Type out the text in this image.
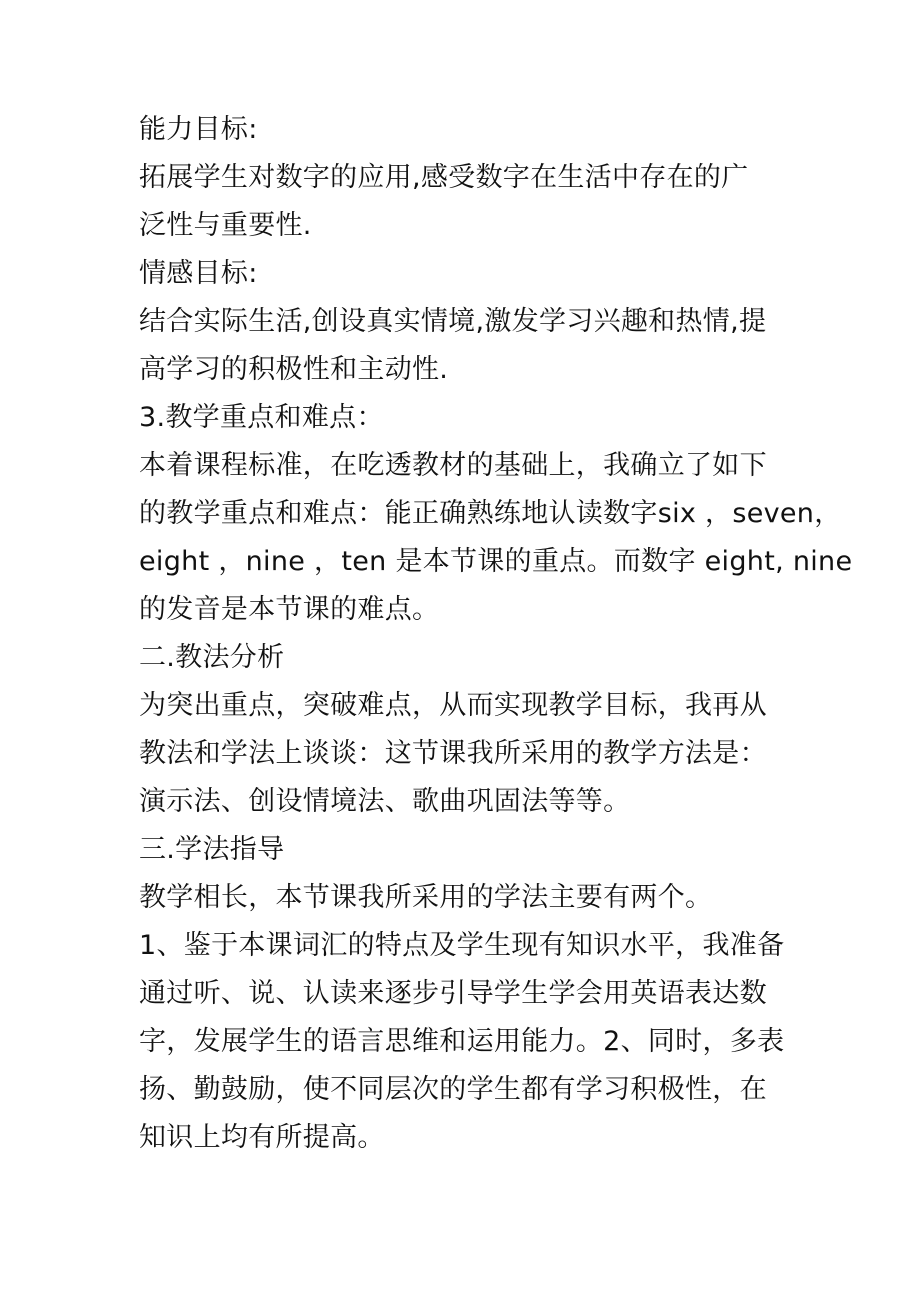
能力目标:
拓展学生对数字的应用,感受数字在生活中存在的广
泛性与重要性.
情感目标:
结合实际生活,创设真实情境,激发学习兴趣和热情,提
高学习的积极性和主动性.
3.教学重点和难点：
本着课程标准，在吃透教材的基础上，我确立了如下
的教学重点和难点：能正确熟练地认读数字six ，seven，
eight ，nine ，ten 是本节课的重点。而数字 eight, nine
的发音是本节课的难点。
二.教法分析
为突出重点，突破难点，从而实现教学目标，我再从
教法和学法上谈谈：这节课我所采用的教学方法是：
演示法、创设情境法、歌曲巩固法等等。
三.学法指导
教学相长，本节课我所采用的学法主要有两个。
1、鉴于本课词汇的特点及学生现有知识水平，我准备
通过听、说、认读来逐步引导学生学会用英语表达数
字，发展学生的语言思维和运用能力。2、同时，多表
扬、勤鼓励，使不同层次的学生都有学习积极性，在
知识上均有所提高。
